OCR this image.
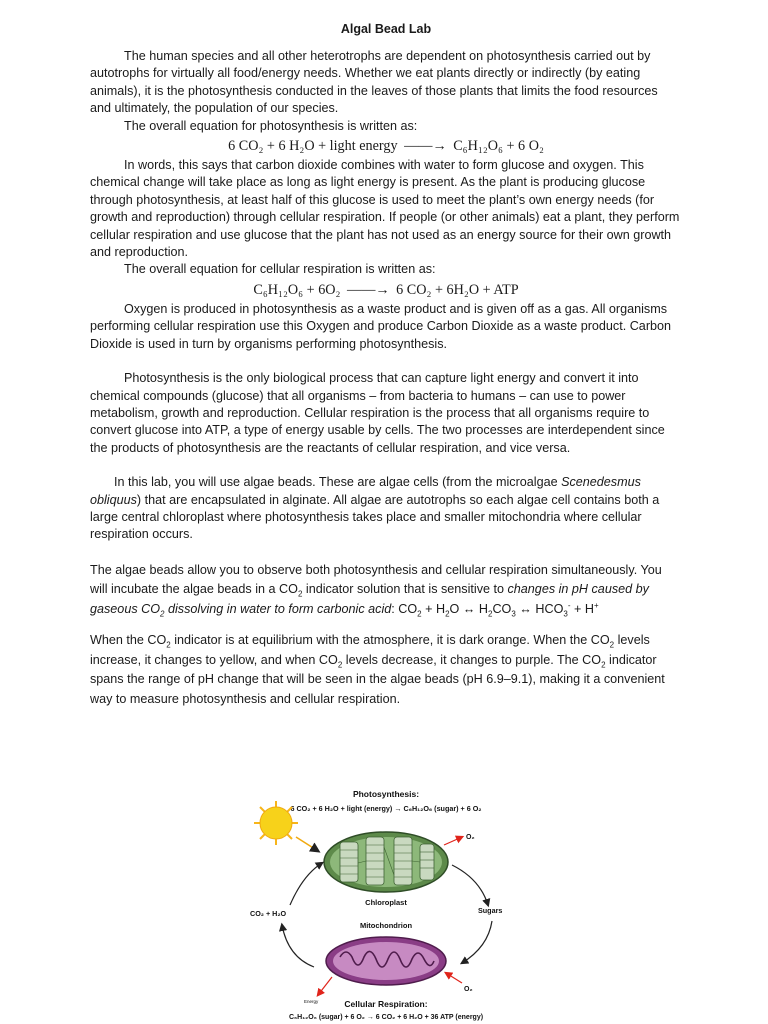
Algal Bead Lab

The human species and all other heterotrophs are dependent on photosynthesis carried out by autotrophs for virtually all food/energy needs. Whether we eat plants directly or indirectly (by eating animals), it is the photosynthesis conducted in the leaves of those plants that limits the food resources and ultimately, the population of our species.

The overall equation for photosynthesis is written as:

6 CO₂ + 6 H₂O + light energy ——→ C₆H₁₂O₆ + 6 O₂

In words, this says that carbon dioxide combines with water to form glucose and oxygen. This chemical change will take place as long as light energy is present. As the plant is producing glucose through photosynthesis, at least half of this glucose is used to meet the plant’s own energy needs (for growth and reproduction) through cellular respiration. If people (or other animals) eat a plant, they perform cellular respiration and use glucose that the plant has not used as an energy source for their own growth and reproduction.

The overall equation for cellular respiration is written as:

C₆H₁₂O₆ + 6O₂ ——→ 6 CO₂ + 6H₂O + ATP

Oxygen is produced in photosynthesis as a waste product and is given off as a gas. All organisms performing cellular respiration use this Oxygen and produce Carbon Dioxide as a waste product. Carbon Dioxide is used in turn by organisms performing photosynthesis.

Photosynthesis is the only biological process that can capture light energy and convert it into chemical compounds (glucose) that all organisms – from bacteria to humans – can use to power metabolism, growth and reproduction. Cellular respiration is the process that all organisms require to convert glucose into ATP, a type of energy usable by cells. The two processes are interdependent since the products of photosynthesis are the reactants of cellular respiration, and vice versa.

In this lab, you will use algae beads. These are algae cells (from the microalgae Scenedesmus obliquus) that are encapsulated in alginate. All algae are autotrophs so each algae cell contains both a large central chloroplast where photosynthesis takes place and smaller mitochondria where cellular respiration occurs.

The algae beads allow you to observe both photosynthesis and cellular respiration simultaneously. You will incubate the algae beads in a $CO_2$ indicator solution that is sensitive to changes in pH caused by gaseous $CO_2$ dissolving in water to form carbonic acid: $CO_2 + H_2O$ ↔ $H_2CO_3$ ↔ $HCO_3^- + H^+$

When the $CO_2$ indicator is at equilibrium with the atmosphere, it is dark orange. When the $CO_2$ levels increase, it changes to yellow, and when $CO_2$ levels decrease, it changes to purple. The $CO_2$ indicator spans the range of pH change that will be seen in the algae beads (pH 6.9–9.1), making it a convenient way to measure photosynthesis and cellular respiration.

Photosynthesis:
6 CO₂ + 6 H₂O + light (energy) → C₆H₁₂O₆ (sugar) + 6 O₂
O₂
Chloroplast
CO₂ + H₂O	Sugars
Mitochondrion
O₂
Energy	Cellular Respiration:
C₆H₁₂O₆ (sugar) + 6 O₂ → 6 CO₂ + 6 H₂O + 36 ATP (energy)
